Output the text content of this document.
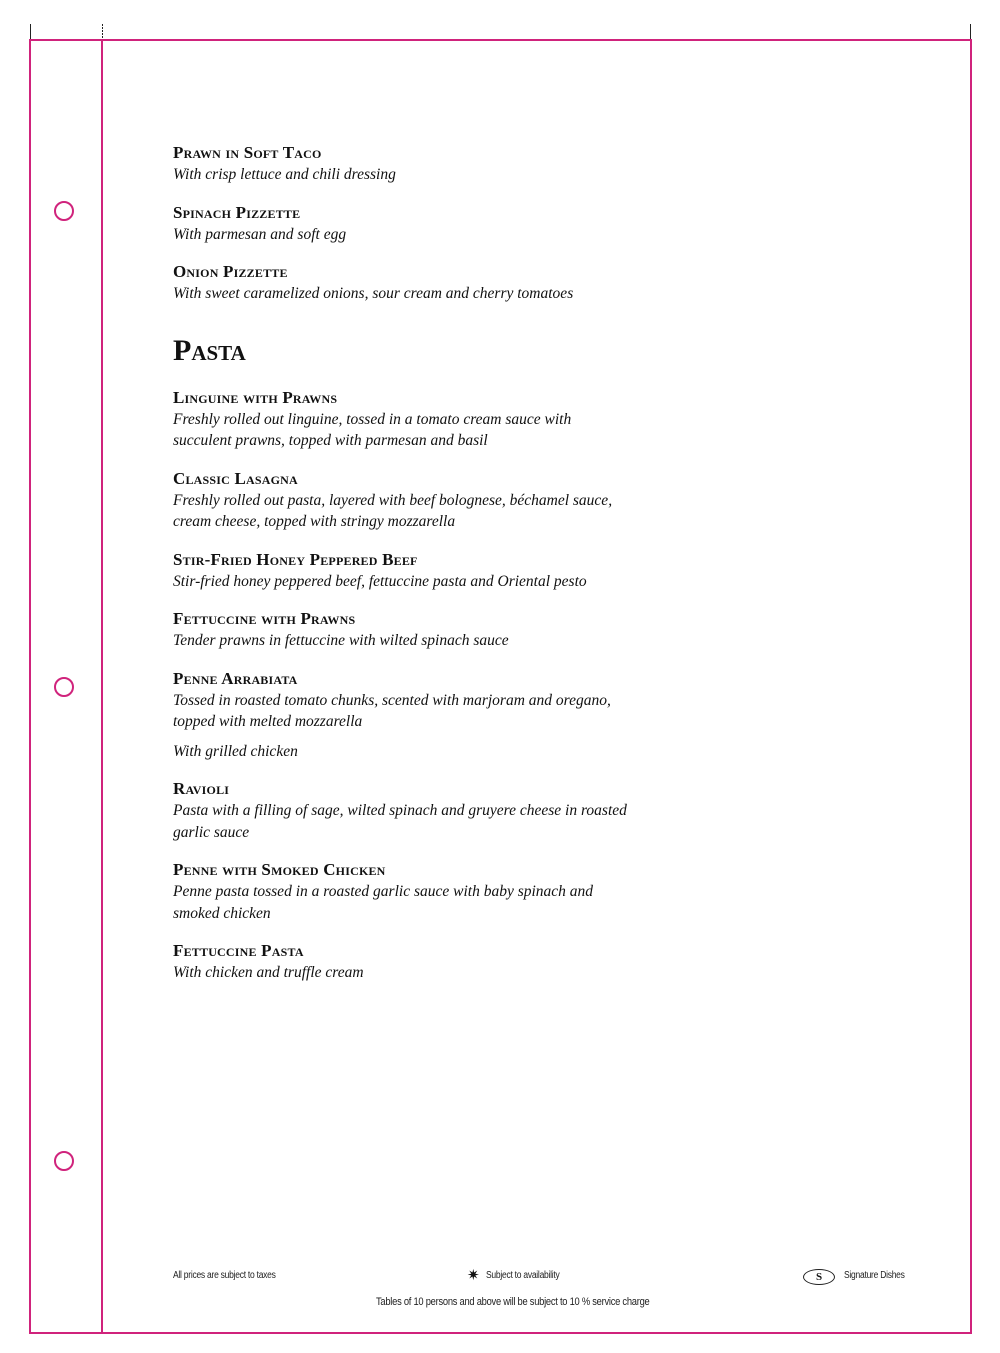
Prawn in Soft Taco
With crisp lettuce and chili dressing
Spinach Pizzette
With parmesan and soft egg
Onion Pizzette
With sweet caramelized onions, sour cream and cherry tomatoes
Pasta
Linguine with Prawns
Freshly rolled out linguine, tossed in a tomato cream sauce with succulent prawns, topped with parmesan and basil
Classic Lasagna
Freshly rolled out pasta, layered with beef bolognese, béchamel sauce, cream cheese, topped with stringy mozzarella
Stir-Fried Honey Peppered Beef
Stir-fried honey peppered beef, fettuccine pasta and Oriental pesto
Fettuccine with Prawns
Tender prawns in fettuccine with wilted spinach sauce
Penne Arrabiata
Tossed in roasted tomato chunks, scented with marjoram and oregano, topped with melted mozzarella
With grilled chicken
Ravioli
Pasta with a filling of sage, wilted spinach and gruyere cheese in roasted garlic sauce
Penne with Smoked Chicken
Penne pasta tossed in a roasted garlic sauce with baby spinach and smoked chicken
Fettuccine Pasta
With chicken and truffle cream
All prices are subject to taxes	✷ Subject to availability	S	Signature Dishes
Tables of 10 persons and above will be subject to 10 % service charge
